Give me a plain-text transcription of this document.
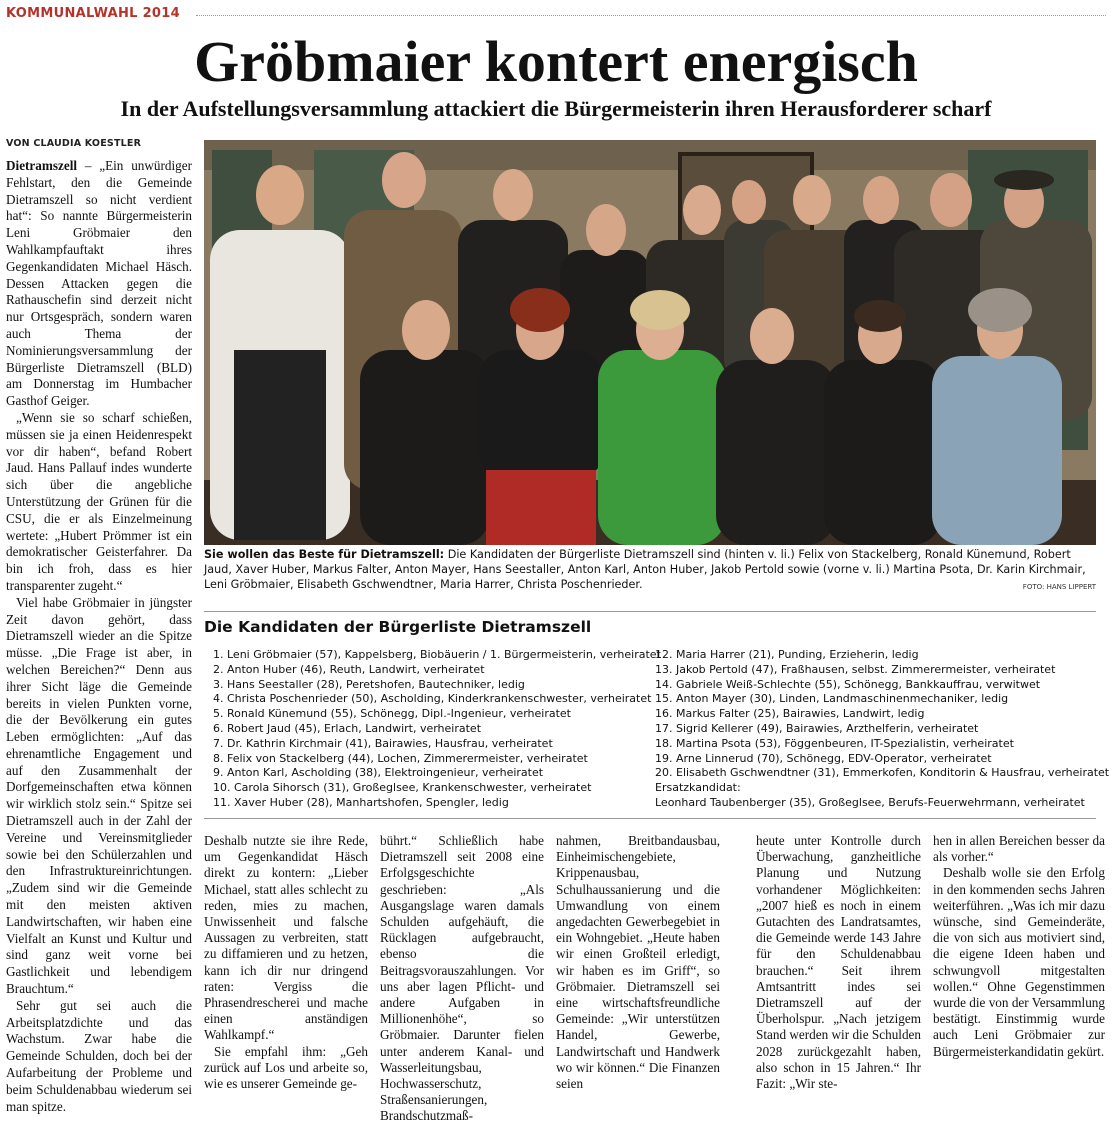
KOMMUNALWAHL 2014
Gröbmaier kontert energisch
In der Aufstellungsversammlung attackiert die Bürgermeisterin ihren Herausforderer scharf
VON CLAUDIA KOESTLER

Dietramszell – „Ein unwürdiger Fehlstart, den die Gemeinde Dietramszell so nicht verdient hat“: So nannte Bürgermeisterin Leni Gröbmaier den Wahlkampfauftakt ihres Gegenkandidaten Michael Häsch. Dessen Attacken gegen die Rathauschefin sind derzeit nicht nur Ortsgespräch, sondern waren auch Thema der Nominierungsversammlung der Bürgerliste Dietramszell (BLD) am Donnerstag im Humbacher Gasthof Geiger.

„Wenn sie so scharf schießen, müssen sie ja einen Heidenrespekt vor dir haben“, befand Robert Jaud. Hans Pallauf indes wunderte sich über die angebliche Unterstützung der Grünen für die CSU, die er als Einzelmeinung wertete: „Hubert Prömmer ist ein demokratischer Geisterfahrer. Da bin ich froh, dass es hier transparenter zugeht.“

Viel habe Gröbmaier in jüngster Zeit davon gehört, dass Dietramszell wieder an die Spitze müsse. „Die Frage ist aber, in welchen Bereichen?“ Denn aus ihrer Sicht läge die Gemeinde bereits in vielen Punkten vorne, die der Bevölkerung ein gutes Leben ermöglichten: „Auf das ehrenamtliche Engagement und auf den Zusammenhalt der Dorfgemeinschaften etwa können wir wirklich stolz sein.“ Spitze sei Dietramszell auch in der Zahl der Vereine und Vereinsmitglieder sowie bei den Schülerzahlen und den Infrastruktureinrichtungen. „Zudem sind wir die Gemeinde mit den meisten aktiven Landwirtschaften, wir haben eine Vielfalt an Kunst und Kultur und sind ganz weit vorne bei Gastlichkeit und lebendigem Brauchtum.“

Sehr gut sei auch die Arbeitsplatzdichte und das Wachstum. Zwar habe die Gemeinde Schulden, doch bei der Aufarbeitung der Probleme und beim Schuldenabbau wiederum sei man spitze.

Sie wollen das Beste für Dietramszell: Die Kandidaten der Bürgerliste Dietramszell sind (hinten v. li.) Felix von Stackelberg, Ronald Künemund, Robert Jaud, Xaver Huber, Markus Falter, Anton Mayer, Hans Seestaller, Anton Karl, Anton Huber, Jakob Pertold sowie (vorne v. li.) Martina Psota, Dr. Karin Kirchmair, Leni Gröbmaier, Elisabeth Gschwendtner, Maria Harrer, Christa Poschenrieder.	FOTO: HANS LIPPERT
Die Kandidaten der Bürgerliste Dietramszell
1. Leni Gröbmaier (57), Kappelsberg, Biobäuerin / 1. Bürgermeisterin, verheiratet
2. Anton Huber (46), Reuth, Landwirt, verheiratet
3. Hans Seestaller (28), Peretshofen, Bautechniker, ledig
4. Christa Poschenrieder (50), Ascholding, Kinderkrankenschwester, verheiratet
5. Ronald Künemund (55), Schönegg, Dipl.-Ingenieur, verheiratet
6. Robert Jaud (45), Erlach, Landwirt, verheiratet
7. Dr. Kathrin Kirchmair (41), Bairawies, Hausfrau, verheiratet
8. Felix von Stackelberg (44), Lochen, Zimmerermeister, verheiratet
9. Anton Karl, Ascholding (38), Elektroingenieur, verheiratet
10. Carola Sihorsch (31), Großeglsee, Krankenschwester, verheiratet
11. Xaver Huber (28), Manhartshofen, Spengler, ledig
12. Maria Harrer (21), Punding, Erzieherin, ledig
13. Jakob Pertold (47), Fraßhausen, selbst. Zimmerermeister, verheiratet
14. Gabriele Weiß-Schlechte (55), Schönegg, Bankkauffrau, verwitwet
15. Anton Mayer (30), Linden, Landmaschinenmechaniker, ledig
16. Markus Falter (25), Bairawies, Landwirt, ledig
17. Sigrid Kellerer (49), Bairawies, Arzthelferin, verheiratet
18. Martina Psota (53), Föggenbeuren, IT-Spezialistin, verheiratet
19. Arne Linnerud (70), Schönegg, EDV-Operator, verheiratet
20. Elisabeth Gschwendtner (31), Emmerkofen, Konditorin & Hausfrau, verheiratet
Ersatzkandidat:
Leonhard Taubenberger (35), Großeglsee, Berufs-Feuerwehrmann, verheiratet

Deshalb nutzte sie ihre Rede, um Gegenkandidat Häsch direkt zu kontern: „Lieber Michael, statt alles schlecht zu reden, mies zu machen, Unwissenheit und falsche Aussagen zu verbreiten, statt zu diffamieren und zu hetzen, kann ich dir nur dringend raten: Vergiss die Phrasendrescherei und mache einen anständigen Wahlkampf.“

Sie empfahl ihm: „Geh zurück auf Los und arbeite so, wie es unserer Gemeinde ge-

bührt.“ Schließlich habe Dietramszell seit 2008 eine Erfolgsgeschichte geschrieben: „Als Ausgangslage waren damals Schulden aufgehäuft, die Rücklagen aufgebraucht, ebenso die Beitragsvorauszahlungen. Vor uns aber lagen Pflicht- und andere Aufgaben in Millionenhöhe“, so Gröbmaier. Darunter fielen unter anderem Kanal- und Wasserleitungsbau, Hochwasserschutz, Straßensanierungen, Brandschutzmaß-

nahmen, Breitbandausbau, Einheimischengebiete, Krippenausbau, Schulhaussanierung und die Umwandlung von einem angedachten Gewerbegebiet in ein Wohngebiet. „Heute haben wir einen Großteil erledigt, wir haben es im Griff“, so Gröbmaier. Dietramszell sei eine wirtschaftsfreundliche Gemeinde: „Wir unterstützen Handel, Gewerbe, Landwirtschaft und Handwerk wo wir können.“ Die Finanzen seien

heute unter Kontrolle durch Überwachung, ganzheitliche Planung und Nutzung vorhandener Möglichkeiten: „2007 hieß es noch in einem Gutachten des Landratsamtes, die Gemeinde werde 143 Jahre für den Schuldenabbau brauchen.“ Seit ihrem Amtsantritt indes sei Dietramszell auf der Überholspur. „Nach jetzigem Stand werden wir die Schulden 2028 zurückgezahlt haben, also schon in 15 Jahren.“ Ihr Fazit: „Wir ste-

hen in allen Bereichen besser da als vorher.“

Deshalb wolle sie den Erfolg in den kommenden sechs Jahren weiterführen. „Was ich mir dazu wünsche, sind Gemeinderäte, die von sich aus motiviert sind, die eigene Ideen haben und schwungvoll mitgestalten wollen.“ Ohne Gegenstimmen wurde die von der Versammlung bestätigt. Einstimmig wurde auch Leni Gröbmaier zur Bürgermeisterkandidatin gekürt.
